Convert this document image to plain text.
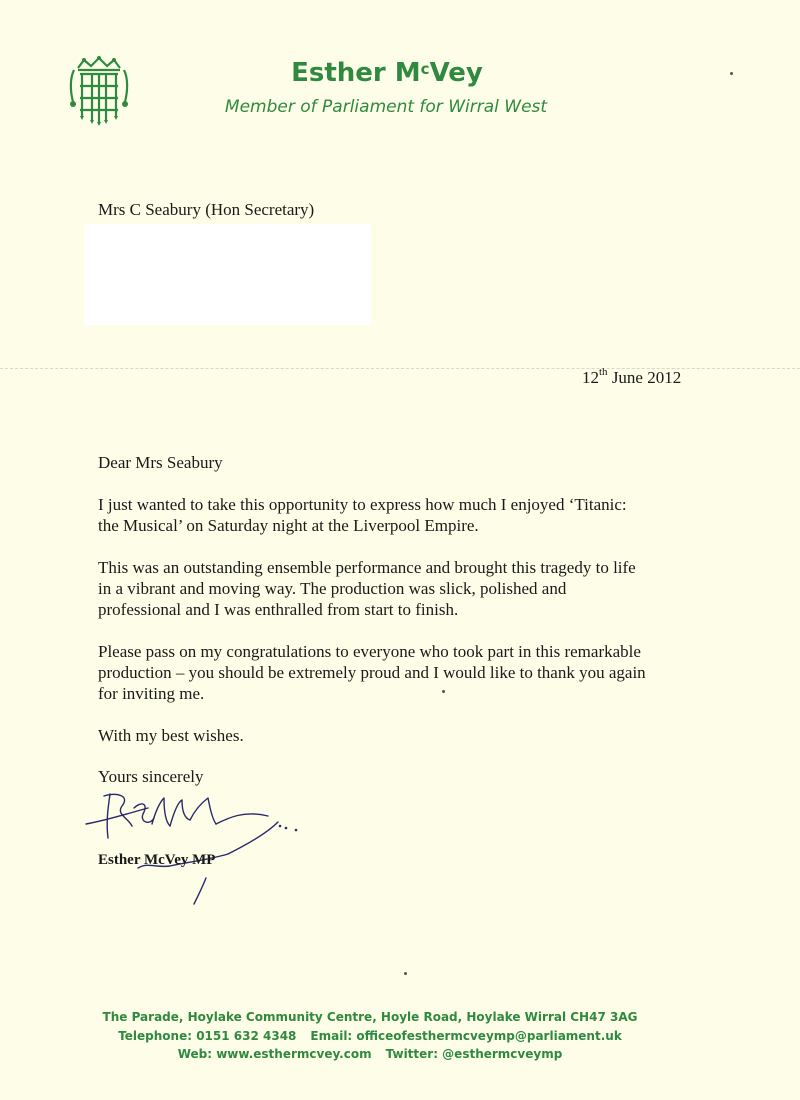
Esther $M^cVey$
Member of Parliament for Wirral West
Mrs C Seabury (Hon Secretary)
12th June 2012
Dear Mrs Seabury
I just wanted to take this opportunity to express how much I enjoyed ‘Titanic:
the Musical’ on Saturday night at the Liverpool Empire.
This was an outstanding ensemble performance and brought this tragedy to life
in a vibrant and moving way. The production was slick, polished and
professional and I was enthralled from start to finish.
Please pass on my congratulations to everyone who took part in this remarkable
production – you should be extremely proud and I would like to thank you again
for inviting me.
With my best wishes.
Yours sincerely
Esther McVey MP
The Parade, Hoylake Community Centre, Hoyle Road, Hoylake Wirral CH47 3AG
Telephone: 0151 632 4348 Email: officeofesthermcveymp@parliament.uk
Web: www.esthermcvey.com Twitter: @esthermcveymp
